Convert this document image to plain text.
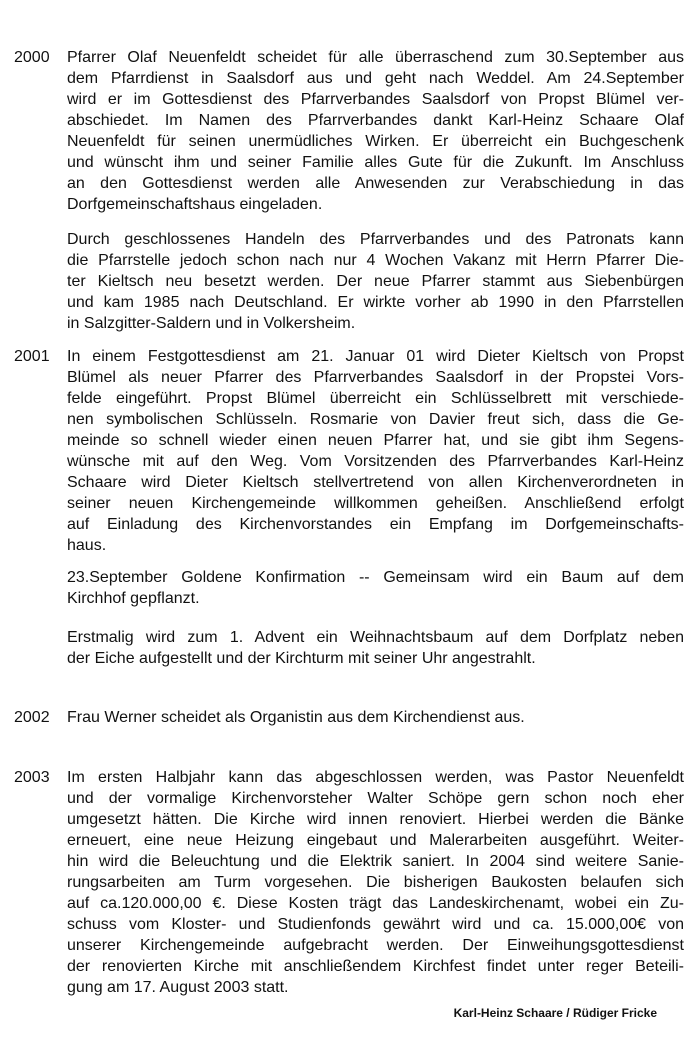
2000 Pfarrer Olaf Neuenfeldt scheidet für alle überraschend zum 30.September aus
dem Pfarrdienst in Saalsdorf aus und geht nach Weddel. Am 24.September
wird er im Gottesdienst des Pfarrverbandes Saalsdorf von Propst Blümel ver-
abschiedet. Im Namen des Pfarrverbandes dankt Karl-Heinz Schaare Olaf
Neuenfeldt für seinen unermüdliches Wirken. Er überreicht ein Buchgeschenk
und wünscht ihm und seiner Familie alles Gute für die Zukunft. Im Anschluss
an den Gottesdienst werden alle Anwesenden zur Verabschiedung in das
Dorfgemeinschaftshaus eingeladen.

Durch geschlossenes Handeln des Pfarrverbandes und des Patronats kann
die Pfarrstelle jedoch schon nach nur 4 Wochen Vakanz mit Herrn Pfarrer Die-
ter Kieltsch neu besetzt werden. Der neue Pfarrer stammt aus Siebenbürgen
und kam 1985 nach Deutschland. Er wirkte vorher ab 1990 in den Pfarrstellen
in Salzgitter-Saldern und in Volkersheim.

2001 In einem Festgottesdienst am 21. Januar 01 wird Dieter Kieltsch von Propst
Blümel als neuer Pfarrer des Pfarrverbandes Saalsdorf in der Propstei Vors-
felde eingeführt. Propst Blümel überreicht ein Schlüsselbrett mit verschiede-
nen symbolischen Schlüsseln. Rosmarie von Davier freut sich, dass die Ge-
meinde so schnell wieder einen neuen Pfarrer hat, und sie gibt ihm Segens-
wünsche mit auf den Weg. Vom Vorsitzenden des Pfarrverbandes Karl-Heinz
Schaare wird Dieter Kieltsch stellvertretend von allen Kirchenverordneten in
seiner neuen Kirchengemeinde willkommen geheißen. Anschließend erfolgt
auf Einladung des Kirchenvorstandes ein Empfang im Dorfgemeinschafts-
haus.

23.September Goldene Konfirmation -- Gemeinsam wird ein Baum auf dem
Kirchhof gepflanzt.

Erstmalig wird zum 1. Advent ein Weihnachtsbaum auf dem Dorfplatz neben
der Eiche aufgestellt und der Kirchturm mit seiner Uhr angestrahlt.

2002 Frau Werner scheidet als Organistin aus dem Kirchendienst aus.

2003 Im ersten Halbjahr kann das abgeschlossen werden, was Pastor Neuenfeldt
und der vormalige Kirchenvorsteher Walter Schöpe gern schon noch eher
umgesetzt hätten. Die Kirche wird innen renoviert. Hierbei werden die Bänke
erneuert, eine neue Heizung eingebaut und Malerarbeiten ausgeführt. Weiter-
hin wird die Beleuchtung und die Elektrik saniert. In 2004 sind weitere Sanie-
rungsarbeiten am Turm vorgesehen. Die bisherigen Baukosten belaufen sich
auf ca.120.000,00 €. Diese Kosten trägt das Landeskirchenamt, wobei ein Zu-
schuss vom Kloster- und Studienfonds gewährt wird und ca. 15.000,00€ von
unserer Kirchengemeinde aufgebracht werden. Der Einweihungsgottesdienst
der renovierten Kirche mit anschließendem Kirchfest findet unter reger Beteili-
gung am 17. August 2003 statt.

Karl-Heinz Schaare / Rüdiger Fricke
